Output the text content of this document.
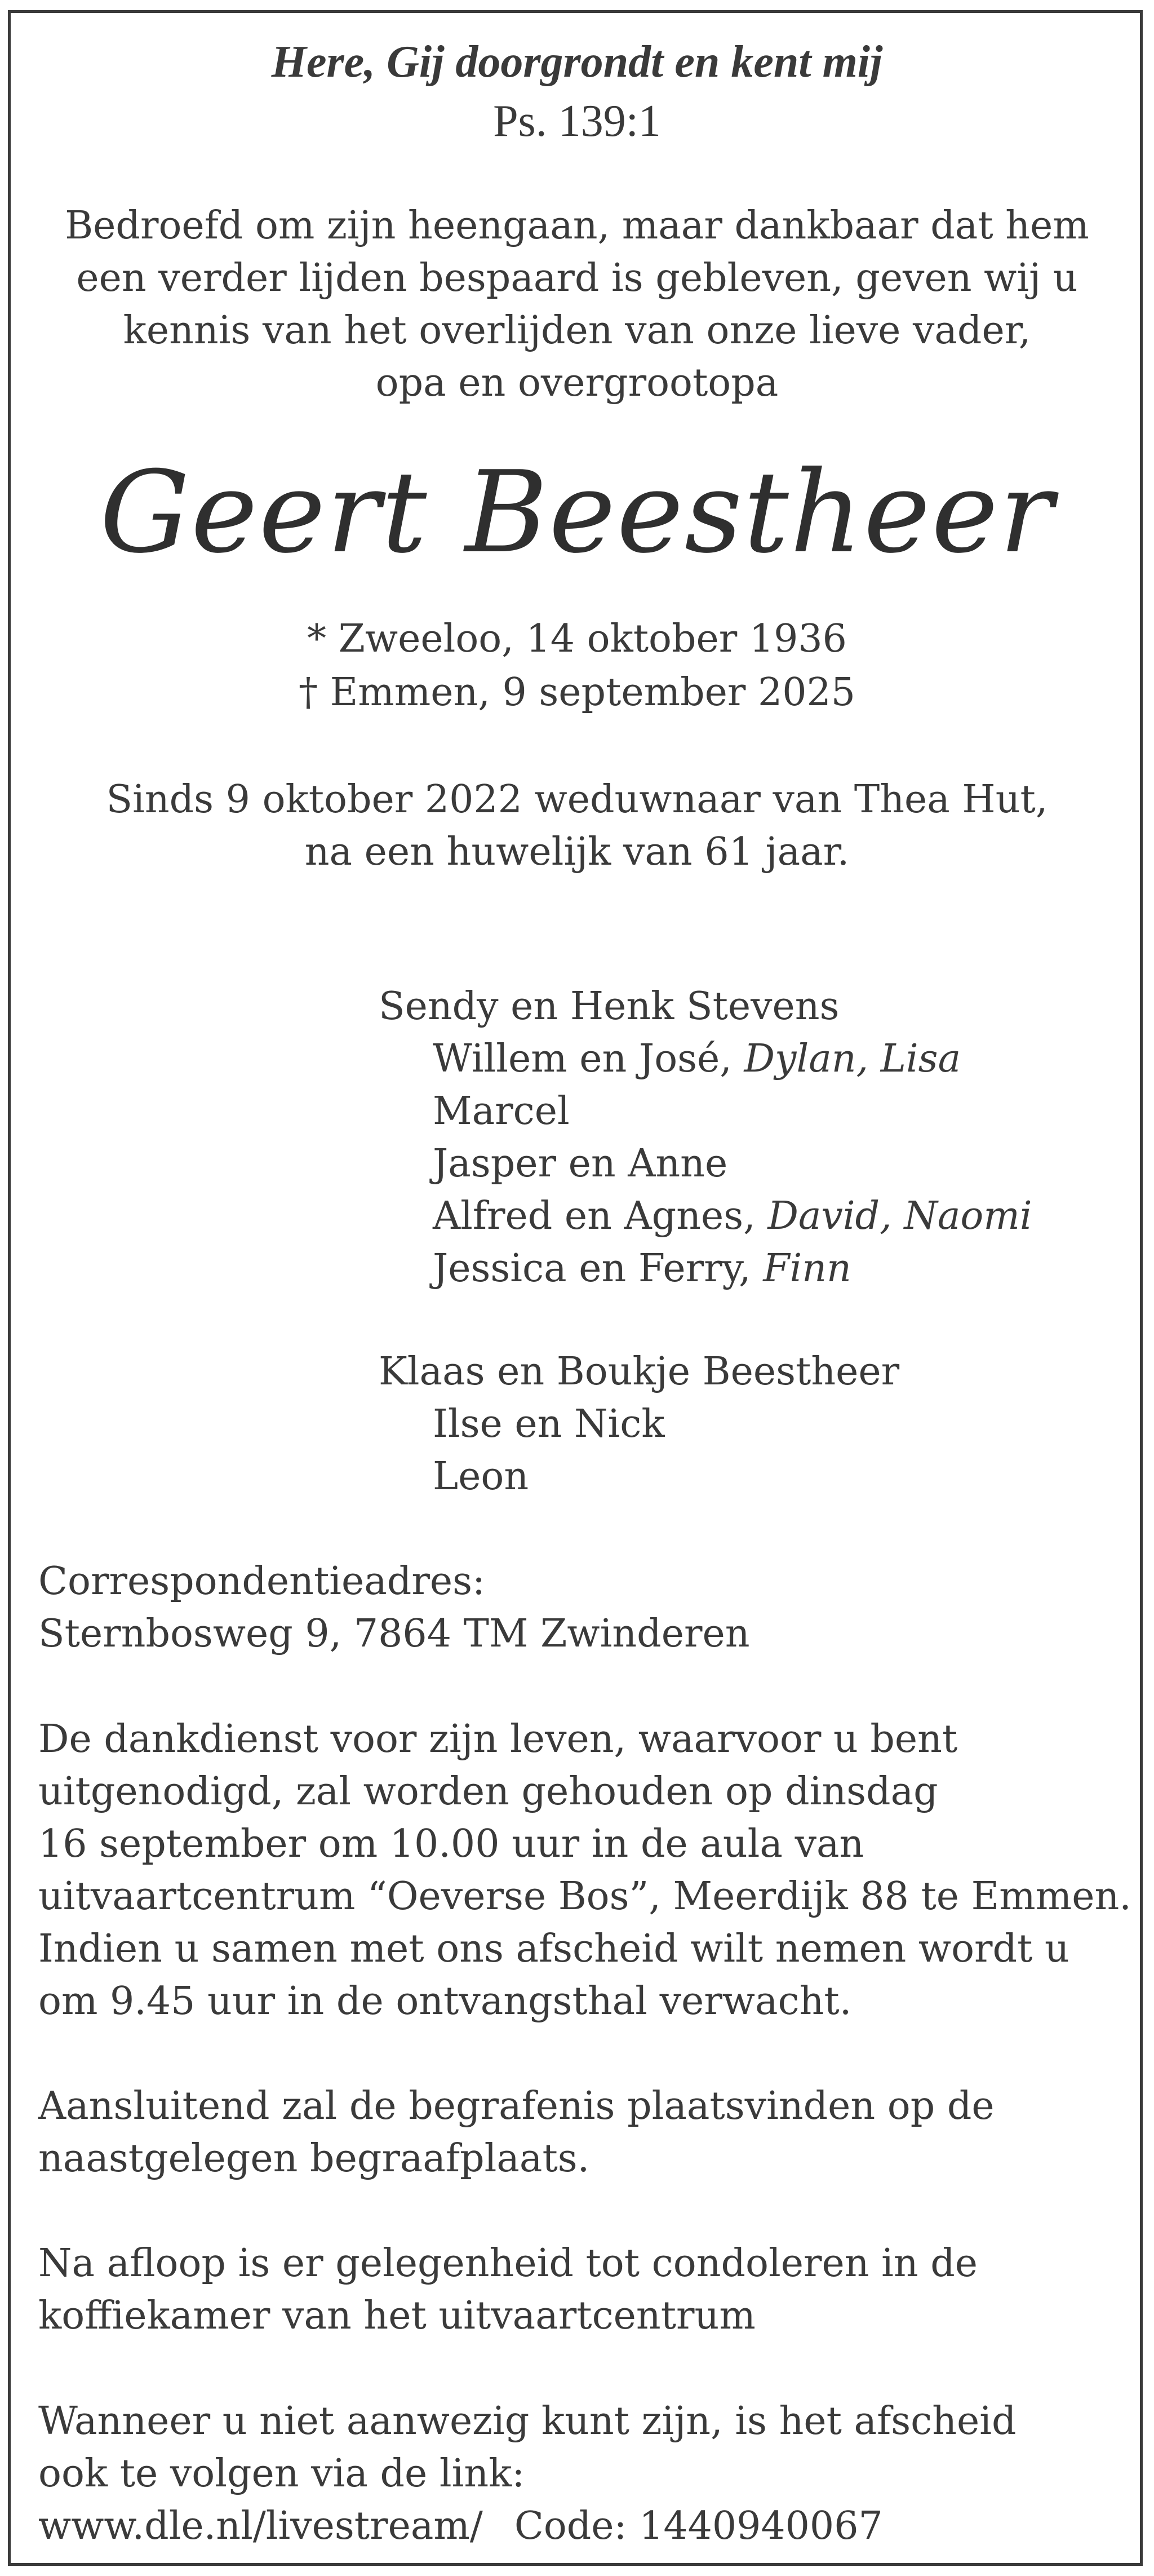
Here, Gij doorgrondt en kent mij

Ps. 139:1

Bedroefd om zijn heengaan, maar dankbaar dat hem

een verder lijden bespaard is gebleven, geven wij u

kennis van het overlijden van onze lieve vader,

opa en overgrootopa

Geert Beestheer

* Zweeloo, 14 oktober 1936

† Emmen, 9 september 2025

Sinds 9 oktober 2022 weduwnaar van Thea Hut,

na een huwelijk van 61 jaar.

Sendy en Henk Stevens

Willem en José, Dylan, Lisa

Marcel

Jasper en Anne

Alfred en Agnes, David, Naomi

Jessica en Ferry, Finn

Klaas en Boukje Beestheer

Ilse en Nick

Leon

Correspondentieadres:

Sternbosweg 9, 7864 TM Zwinderen

De dankdienst voor zijn leven, waarvoor u bent

uitgenodigd, zal worden gehouden op dinsdag

16 september om 10.00 uur in de aula van

uitvaartcentrum “Oeverse Bos”, Meerdijk 88 te Emmen.

Indien u samen met ons afscheid wilt nemen wordt u

om 9.45 uur in de ontvangsthal verwacht.

Aansluitend zal de begrafenis plaatsvinden op de

naastgelegen begraafplaats.

Na afloop is er gelegenheid tot condoleren in de

koffiekamer van het uitvaartcentrum

Wanneer u niet aanwezig kunt zijn, is het afscheid

ook te volgen via de link:

www.dle.nl/livestream/ Code: 1440940067
